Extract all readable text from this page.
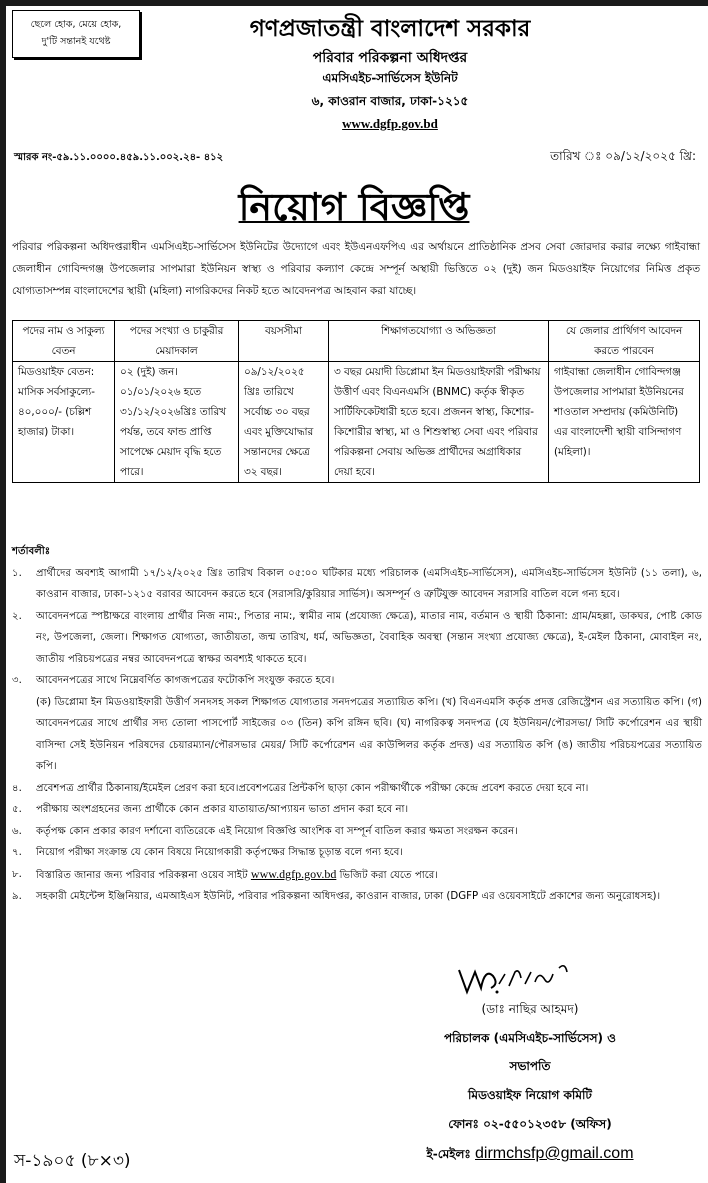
ছেলে হোক, মেয়ে হোক,
দু'টি সন্তানই যথেষ্ট	গণপ্রজাতন্ত্রী বাংলাদেশ সরকার
পরিবার পরিকল্পনা অধিদপ্তর
এমসিএইচ-সার্ভিসেস ইউনিট
৬, কাওরান বাজার, ঢাকা-১২১৫
www.dgfp.gov.bd
স্মারক নং-৫৯.১১.০০০০.৪৫৯.১১.০০২.২৪- ৪১২	তারিখ ঃ ০৯/১২/২০২৫ খ্রি:
নিয়োগ বিজ্ঞপ্তি
পরিবার পরিকল্পনা অধিদপ্তরাধীন এমসিএইচ-সার্ভিসেস ইউনিটের উদ্যোগে এবং ইউএনএফপিএ এর অর্থায়নে প্রাতিষ্ঠানিক প্রসব সেবা জোরদার করার লক্ষ্যে গাইবান্ধা জেলাধীন গোবিন্দগঞ্জ উপজেলার সাপমারা ইউনিয়ন স্বাস্থ্য ও পরিবার কল্যাণ কেন্দ্রে সম্পূর্ন অস্থায়ী ভিত্তিতে ০২ (দুই) জন মিডওয়াইফ নিয়োগের নিমিত্ত প্রকৃত যোগ্যতাসম্পন্ন বাংলাদেশের স্থায়ী (মহিলা) নাগরিকদের নিকট হতে আবেদনপত্র আহবান করা যাচ্ছে।
পদের নাম ও সাকুল্য বেতন	পদের সংখ্যা ও চাকুরীর মেয়াদকাল	বয়সসীমা	শিক্ষাগতযোগ্যা ও অভিজ্ঞতা	যে জেলার প্রার্থিগণ আবেদন করতে পারবেন
মিডওয়াইফ বেতন: মাসিক সর্বসাকুল্যে- ৪০,০০০/- (চল্লিশ হাজার) টাকা।	০২ (দুই) জন। ০১/০১/২০২৬ হতে ৩১/১২/২০২৬খ্রিঃ তারিখ পর্যন্ত, তবে ফান্ড প্রাপ্তি সাপেক্ষে মেয়াদ বৃদ্ধি হতে পারে।	০৯/১২/২০২৫ খ্রিঃ তারিখে সর্বোচ্চ ৩০ বছর এবং মুক্তিযোদ্ধার সন্তানদের ক্ষেত্রে ৩২ বছর।	৩ বছর মেয়াদী ডিপ্লোমা ইন মিডওয়াইফারী পরীক্ষায় উত্তীর্ণ এবং বিএনএমসি (BNMC) কর্তৃক স্বীকৃত সার্টিফিকেটধারী হতে হবে। প্রজনন স্বাস্থ্য, কিশোর-কিশোরীর স্বাস্থ্য, মা ও শিশুস্বাস্থ্য সেবা এবং পরিবার পরিকল্পনা সেবায় অভিজ্ঞ প্রার্থীদের অগ্রাধিকার দেয়া হবে।	গাইবান্ধা জেলাধীন গোবিন্দগঞ্জ উপজেলার সাপমারা ইউনিয়নের শাওতাল সম্প্রদায় (কমিউনিটি) এর বাংলাদেশী স্থায়ী বাসিন্দাগণ (মহিলা)।
শর্তাবলীঃ
১.	প্রার্থীদের অবশ্যই আগামী ১৭/১২/২০২৫ খ্রিঃ তারিখ বিকাল ০৫:০০ ঘটিকার মধ্যে পরিচালক (এমসিএইচ-সার্ভিসেস), এমসিএইচ-সার্ভিসেস ইউনিট (১১ তলা), ৬, কাওরান বাজার, ঢাকা-১২১৫ বরাবর আবেদন করতে হবে (সরাসরি/কুরিয়ার সার্ভিস)। অসম্পূর্ন ও ত্রুটিযুক্ত আবেদন সরাসরি বাতিল বলে গন্য হবে।
২.	আবেদনপত্রে স্পষ্টাক্ষরে বাংলায় প্রার্থীর নিজ নাম:, পিতার নাম:, স্বামীর নাম (প্রযোজ্য ক্ষেত্রে), মাতার নাম, বর্তমান ও স্থায়ী ঠিকানা: গ্রাম/মহল্লা, ডাকঘর, পোষ্ট কোড নং, উপজেলা, জেলা। শিক্ষাগত যোগ্যতা, জাতীয়তা, জন্ম তারিখ, ধর্ম, অভিজ্ঞতা, বৈবাহিক অবস্থা (সন্তান সংখ্যা প্রযোজ্য ক্ষেত্রে), ই-মেইল ঠিকানা, মোবাইল নং, জাতীয় পরিচয়পত্রের নম্বর আবেদনপত্রে স্বাক্ষর অবশ্যই থাকতে হবে।
৩.	আবেদনপত্রের সাথে নিম্নেবর্ণিত কাগজপত্রের ফটোকপি সংযুক্ত করতে হবে।
(ক) ডিপ্লোমা ইন মিডওয়াইফারী উত্তীর্ণ সনদসহ সকল শিক্ষাগত যোগ্যতার সনদপত্রের সত্যায়িত কপি। (খ) বিএনএমসি কর্তৃক প্রদত্ত রেজিস্ট্রেশন এর সত্যায়িত কপি। (গ) আবেদনপত্রের সাথে প্রার্থীর সদ্য তোলা পাসপোর্ট সাইজের ০৩ (তিন) কপি রঙ্গিন ছবি। (ঘ) নাগরিকত্ব সনদপত্র (যে ইউনিয়ন/পৌরসভা/ সিটি কর্পোরেশন এর স্থায়ী বাসিন্দা সেই ইউনিয়ন পরিষদের চেয়ারম্যান/পৌরসভার মেয়র/ সিটি কর্পোরেশন এর কাউন্সিলর কর্তৃক প্রদত্ত) এর সত্যায়িত কপি (ঙ) জাতীয় পরিচয়পত্রের সত্যায়িত কপি।
৪.	প্রবেশপত্র প্রার্থীর ঠিকানায়/ইমেইল প্রেরণ করা হবে।প্রবেশপত্রের প্রিন্টকপি ছাড়া কোন পরীক্ষার্থীকে পরীক্ষা কেন্দ্রে প্রবেশ করতে দেয়া হবে না।
৫.	পরীক্ষায় অংশগ্রহনের জন্য প্রার্থীকে কোন প্রকার যাতায়াত/আপ্যায়ন ভাতা প্রদান করা হবে না।
৬.	কর্তৃপক্ষ কোন প্রকার কারণ দর্শানো ব্যতিরেকে এই নিয়োগ বিজ্ঞপ্তি আংশিক বা সম্পূর্ন বাতিল করার ক্ষমতা সংরক্ষন করেন।
৭.	নিয়োগ পরীক্ষা সংক্রান্ত যে কোন বিষয়ে নিয়োগকারী কর্তৃপক্ষের সিদ্ধান্ত চূড়ান্ত বলে গন্য হবে।
৮.	বিস্তারিত জানার জন্য পরিবার পরিকল্পনা ওয়েব সাইট www.dgfp.gov.bd ভিজিট করা যেতে পারে।
৯.	সহকারী মেইন্টেন্স ইঞ্জিনিয়ার, এমআইএস ইউনিট, পরিবার পরিকল্পনা অধিদপ্তর, কাওরান বাজার, ঢাকা (DGFP এর ওয়েবসাইটে প্রকাশের জন্য অনুরোধসহ)।
(ডাঃ নাছির আহমদ)
পরিচালক (এমসিএইচ-সার্ভিসেস) ও
সভাপতি
মিডওয়াইফ নিয়োগ কমিটি
ফোনঃ ০২-৫৫০১২৩৫৮ (অফিস)
ই-মেইলঃ dirmchsfp@gmail.com
স-১৯০৫ (৮×৩)
